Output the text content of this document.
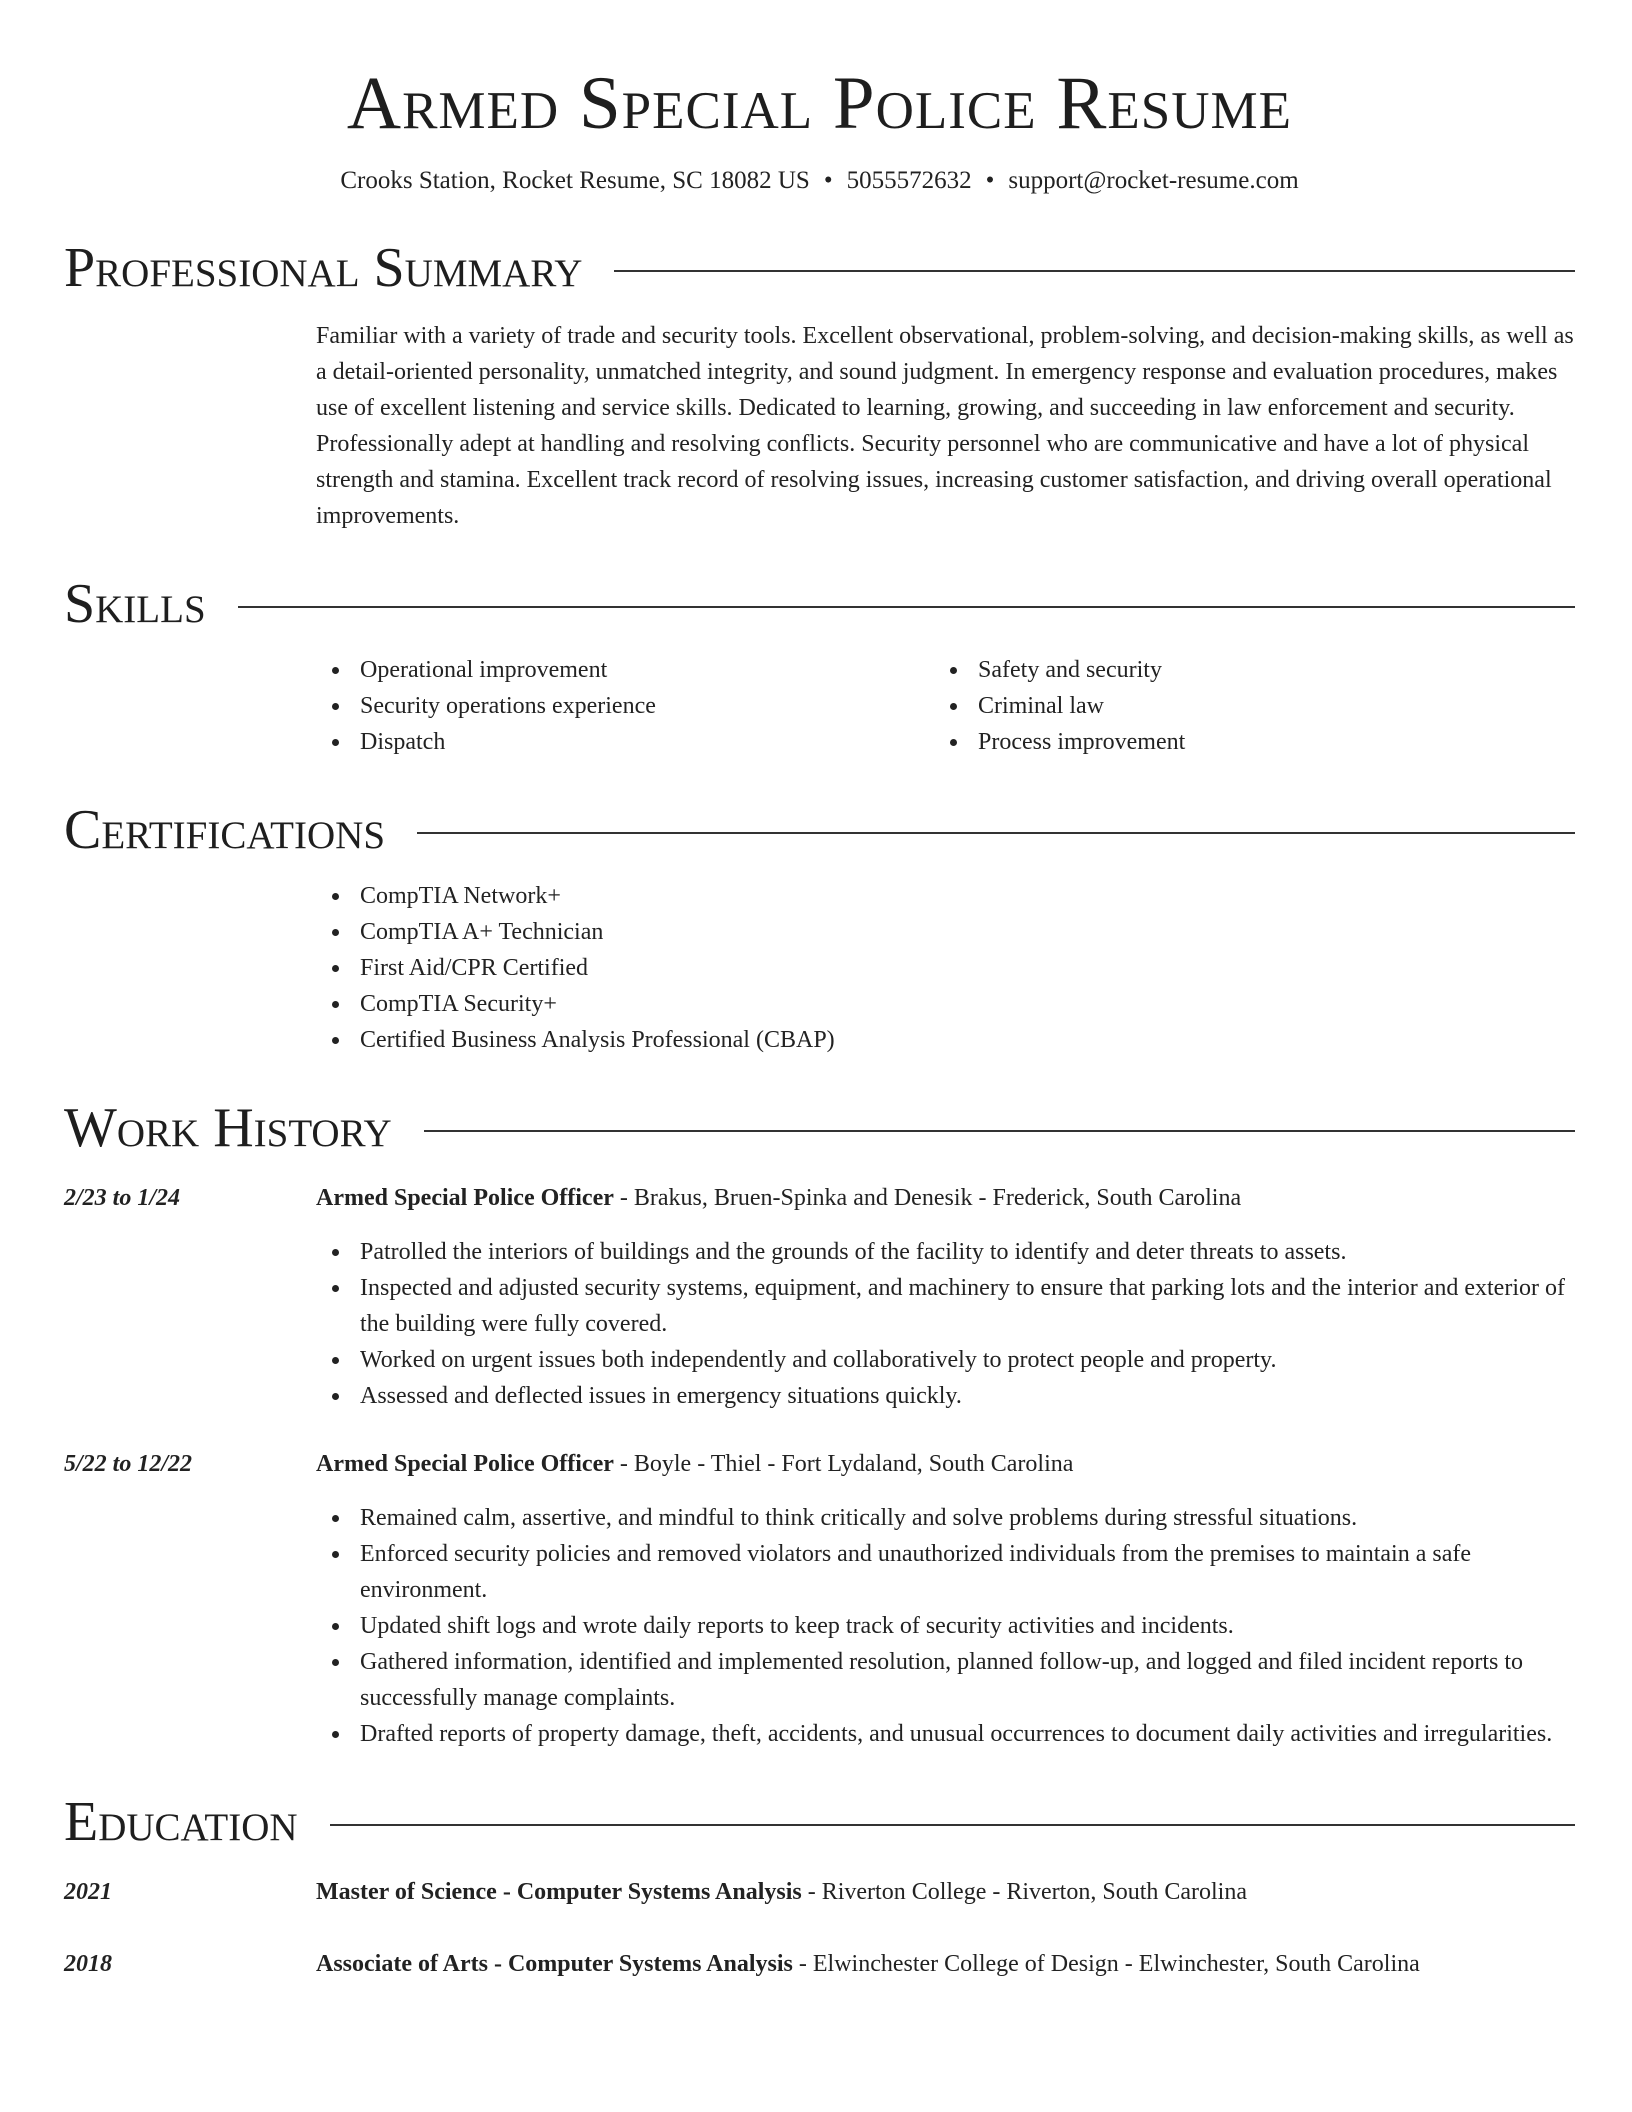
Armed Special Police Resume
Crooks Station, Rocket Resume, SC 18082 US • 5055572632 • support@rocket-resume.com
Professional Summary

Familiar with a variety of trade and security tools. Excellent observational, problem-solving, and decision-making skills, as well as a detail-oriented personality, unmatched integrity, and sound judgment. In emergency response and evaluation procedures, makes use of excellent listening and service skills. Dedicated to learning, growing, and succeeding in law enforcement and security. Professionally adept at handling and resolving conflicts. Security personnel who are communicative and have a lot of physical strength and stamina. Excellent track record of resolving issues, increasing customer satisfaction, and driving overall operational improvements.

Skills
Operational improvement
Security operations experience
Dispatch
Safety and security
Criminal law
Process improvement
Certifications
CompTIA Network+
CompTIA A+ Technician
First Aid/CPR Certified
CompTIA Security+
Certified Business Analysis Professional (CBAP)
Work History
2/23 to 1/24	Armed Special Police Officer - Brakus, Bruen-Spinka and Denesik - Frederick, South Carolina
Patrolled the interiors of buildings and the grounds of the facility to identify and deter threats to assets.
Inspected and adjusted security systems, equipment, and machinery to ensure that parking lots and the interior and exterior of the building were fully covered.
Worked on urgent issues both independently and collaboratively to protect people and property.
Assessed and deflected issues in emergency situations quickly.
5/22 to 12/22	Armed Special Police Officer - Boyle - Thiel - Fort Lydaland, South Carolina
Remained calm, assertive, and mindful to think critically and solve problems during stressful situations.
Enforced security policies and removed violators and unauthorized individuals from the premises to maintain a safe environment.
Updated shift logs and wrote daily reports to keep track of security activities and incidents.
Gathered information, identified and implemented resolution, planned follow-up, and logged and filed incident reports to successfully manage complaints.
Drafted reports of property damage, theft, accidents, and unusual occurrences to document daily activities and irregularities.
Education
2021	Master of Science - Computer Systems Analysis - Riverton College - Riverton, South Carolina
2018	Associate of Arts - Computer Systems Analysis - Elwinchester College of Design - Elwinchester, South Carolina
